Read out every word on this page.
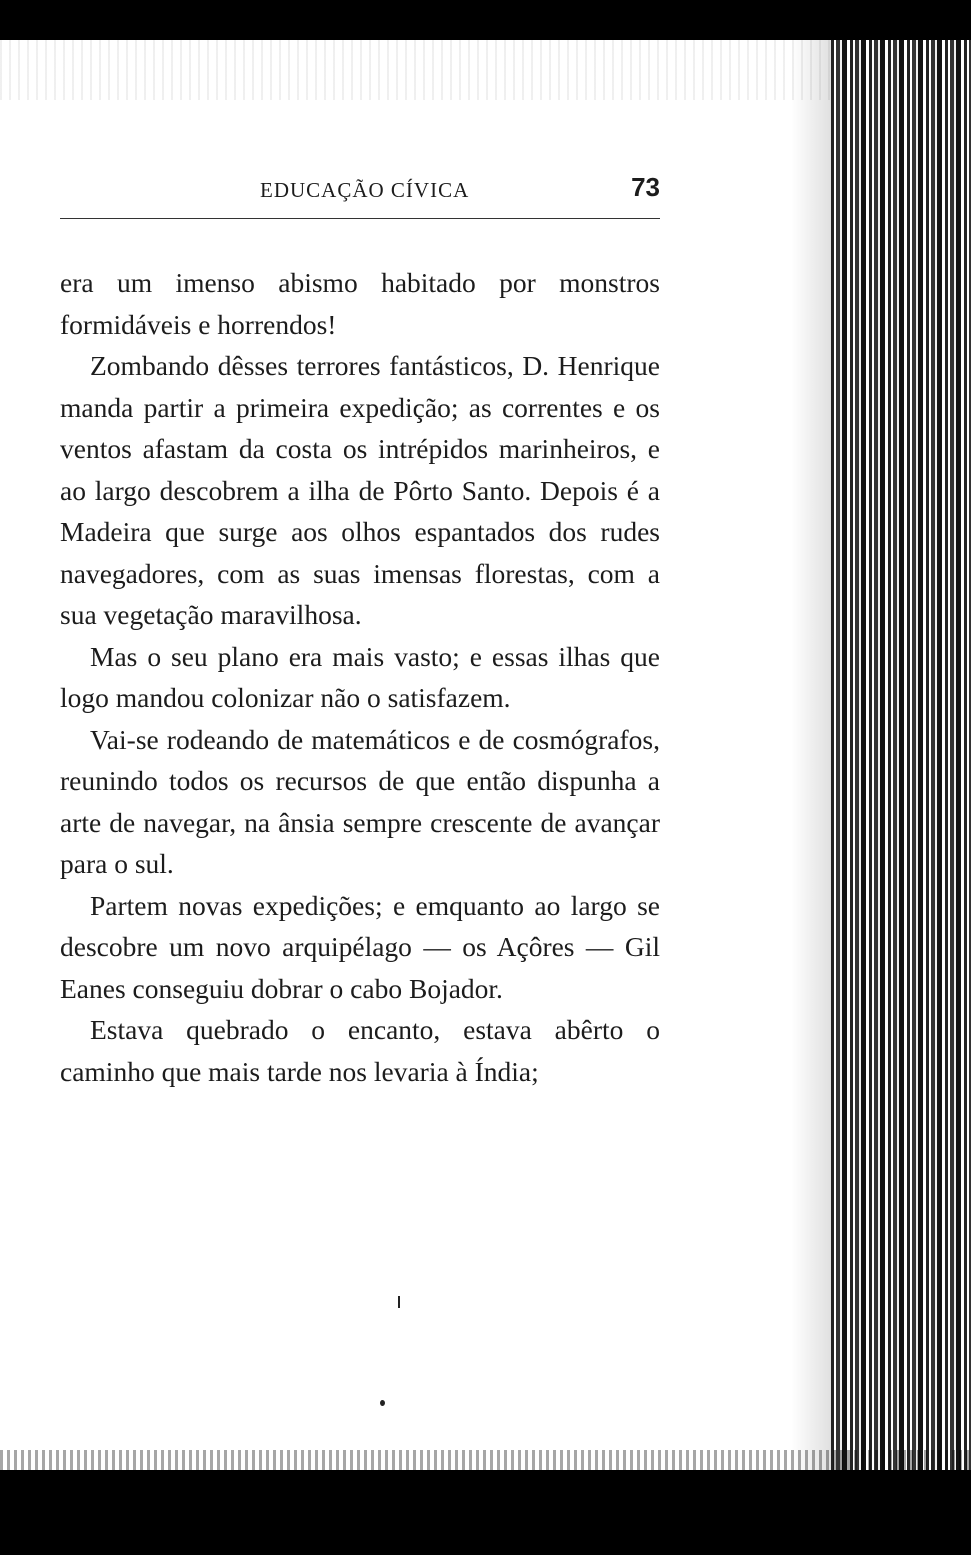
EDUCAÇÃO CÍVICA	73

era um imenso abismo habitado por monstros formidáveis e horrendos!

Zombando dêsses terrores fantásticos, D. Henrique manda partir a primeira expedição; as correntes e os ventos afastam da costa os intrépidos marinheiros, e ao largo descobrem a ilha de Pôrto Santo. Depois é a Madeira que surge aos olhos espantados dos rudes navegadores, com as suas imensas florestas, com a sua vegetação maravilhosa.

Mas o seu plano era mais vasto; e essas ilhas que logo mandou colonizar não o satisfazem.

Vai-se rodeando de matemáticos e de cosmógrafos, reunindo todos os recursos de que então dispunha a arte de navegar, na ânsia sempre crescente de avançar para o sul.

Partem novas expedições; e emquanto ao largo se descobre um novo arquipélago — os Açôres — Gil Eanes conseguiu dobrar o cabo Bojador.

Estava quebrado o encanto, estava abêrto o caminho que mais tarde nos levaria à Índia;
